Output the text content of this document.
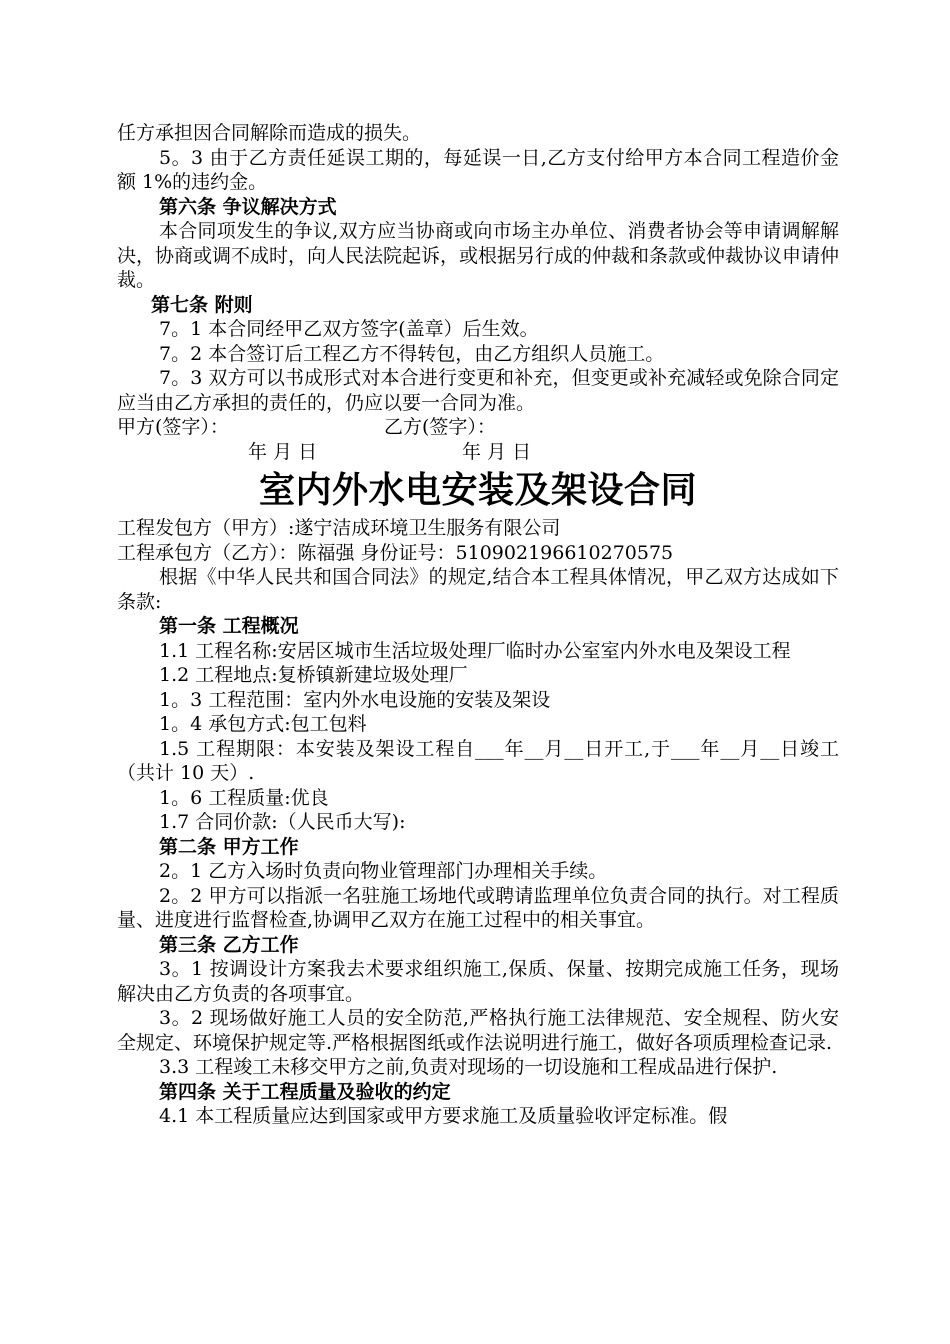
任方承担因合同解除而造成的损失。

5。3 由于乙方责任延误工期的，每延误一日,乙方支付给甲方本合同工程造价金额 1%的违约金。

第六条 争议解决方式

本合同项发生的争议,双方应当协商或向市场主办单位、消费者协会等申请调解解决，协商或调不成时，向人民法院起诉，或根据另行成的仲裁和条款或仲裁协议申请仲裁。

第七条 附则

7。1 本合同经甲乙双方签字(盖章）后生效。

7。2 本合签订后工程乙方不得转包，由乙方组织人员施工。

7。3 双方可以书成形式对本合进行变更和补充，但变更或补充减轻或免除合同定应当由乙方承担的责任的，仍应以要一合同为准。

甲方(签字）：	乙方(签字）：
年 月 日	年 月 日
室内外水电安装及架设合同

工程发包方（甲方）:遂宁洁成环境卫生服务有限公司

工程承包方（乙方）：陈福强 身份证号：510902196610270575

根据《中华人民共和国合同法》的规定,结合本工程具体情况，甲乙双方达成如下条款:

第一条 工程概况

1.1 工程名称:安居区城市生活垃圾处理厂临时办公室室内外水电及架设工程

1.2 工程地点:复桥镇新建垃圾处理厂

1。3 工程范围：室内外水电设施的安装及架设

1。4 承包方式:包工包料

1.5 工程期限：本安装及架设工程自___年__月__日开工,于___年__月__日竣工（共计 10 天）.

1。6 工程质量:优良

1.7 合同价款:（人民币大写):

第二条 甲方工作

2。1 乙方入场时负责向物业管理部门办理相关手续。

2。2 甲方可以指派一名驻施工场地代或聘请监理单位负责合同的执行。对工程质量、进度进行监督检查,协调甲乙双方在施工过程中的相关事宜。

第三条 乙方工作

3。1 按调设计方案我去术要求组织施工,保质、保量、按期完成施工任务，现场解决由乙方负责的各项事宜。

3。2 现场做好施工人员的安全防范,严格执行施工法律规范、安全规程、防火安全规定、环境保护规定等.严格根据图纸或作法说明进行施工，做好各项质理检查记录.

3.3 工程竣工未移交甲方之前,负责对现场的一切设施和工程成品进行保护.

第四条 关于工程质量及验收的约定

4.1 本工程质量应达到国家或甲方要求施工及质量验收评定标准。假
